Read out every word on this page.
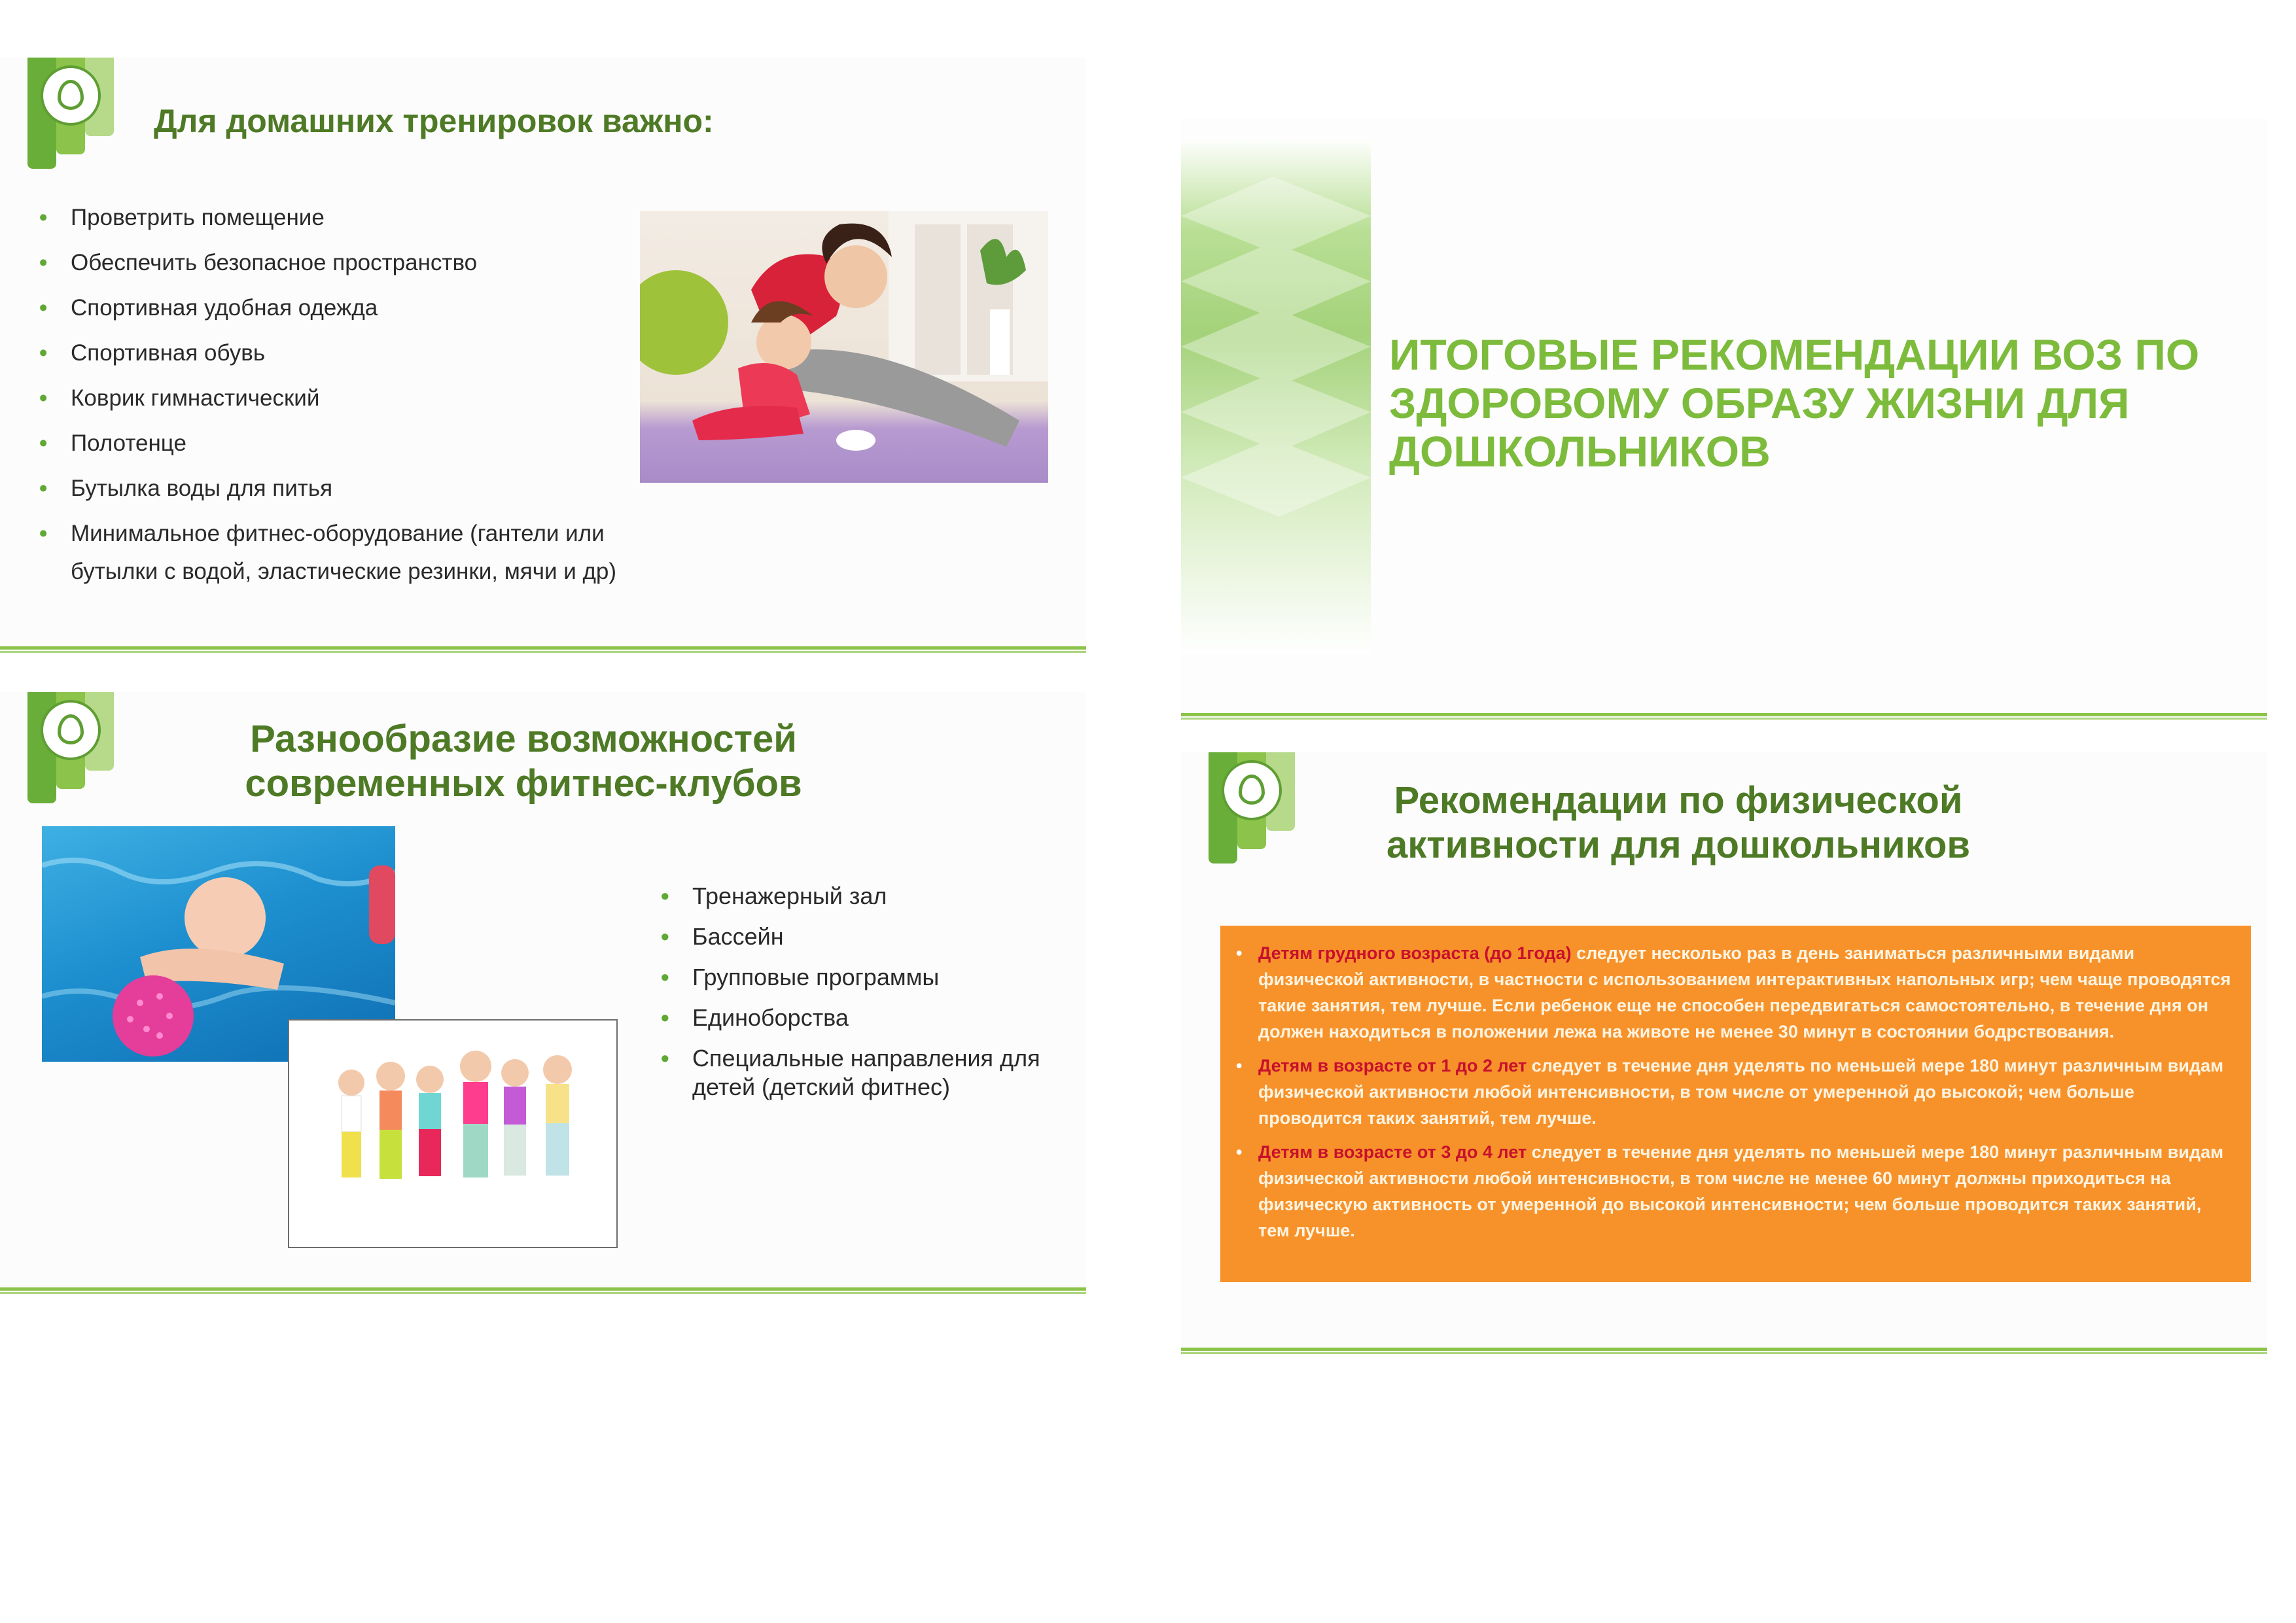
Для домашних тренировок важно:
• Проветрить помещение
• Обеспечить безопасное пространство
• Спортивная удобная одежда
• Спортивная обувь
• Коврик гимнастический
• Полотенце
• Бутылка воды для питья
• Минимальное фитнес-оборудование (гантели или бутылки с водой, эластические резинки, мячи и др)
ИТОГОВЫЕ РЕКОМЕНДАЦИИ ВОЗ ПО ЗДОРОВОМУ ОБРАЗУ ЖИЗНИ ДЛЯ ДОШКОЛЬНИКОВ
Разнообразие возможностей современных фитнес-клубов
• Тренажерный зал
• Бассейн
• Групповые программы
• Единоборства
• Специальные направления для детей (детский фитнес)
Рекомендации по физической активности для дошкольников
• Детям грудного возраста (до 1года) следует несколько раз в день заниматься различными видами физической активности, в частности с использованием интерактивных напольных игр; чем чаще проводятся такие занятия, тем лучше. Если ребенок еще не способен передвигаться самостоятельно, в течение дня он должен находиться в положении лежа на животе не менее 30 минут в состоянии бодрствования.
• Детям в возрасте от 1 до 2 лет следует в течение дня уделять по меньшей мере 180 минут различным видам физической активности любой интенсивности, в том числе от умеренной до высокой; чем больше проводится таких занятий, тем лучше.
• Детям в возрасте от 3 до 4 лет следует в течение дня уделять по меньшей мере 180 минут различным видам физической активности любой интенсивности, в том числе не менее 60 минут должны приходиться на физическую активность от умеренной до высокой интенсивности; чем больше проводится таких занятий, тем лучше.
